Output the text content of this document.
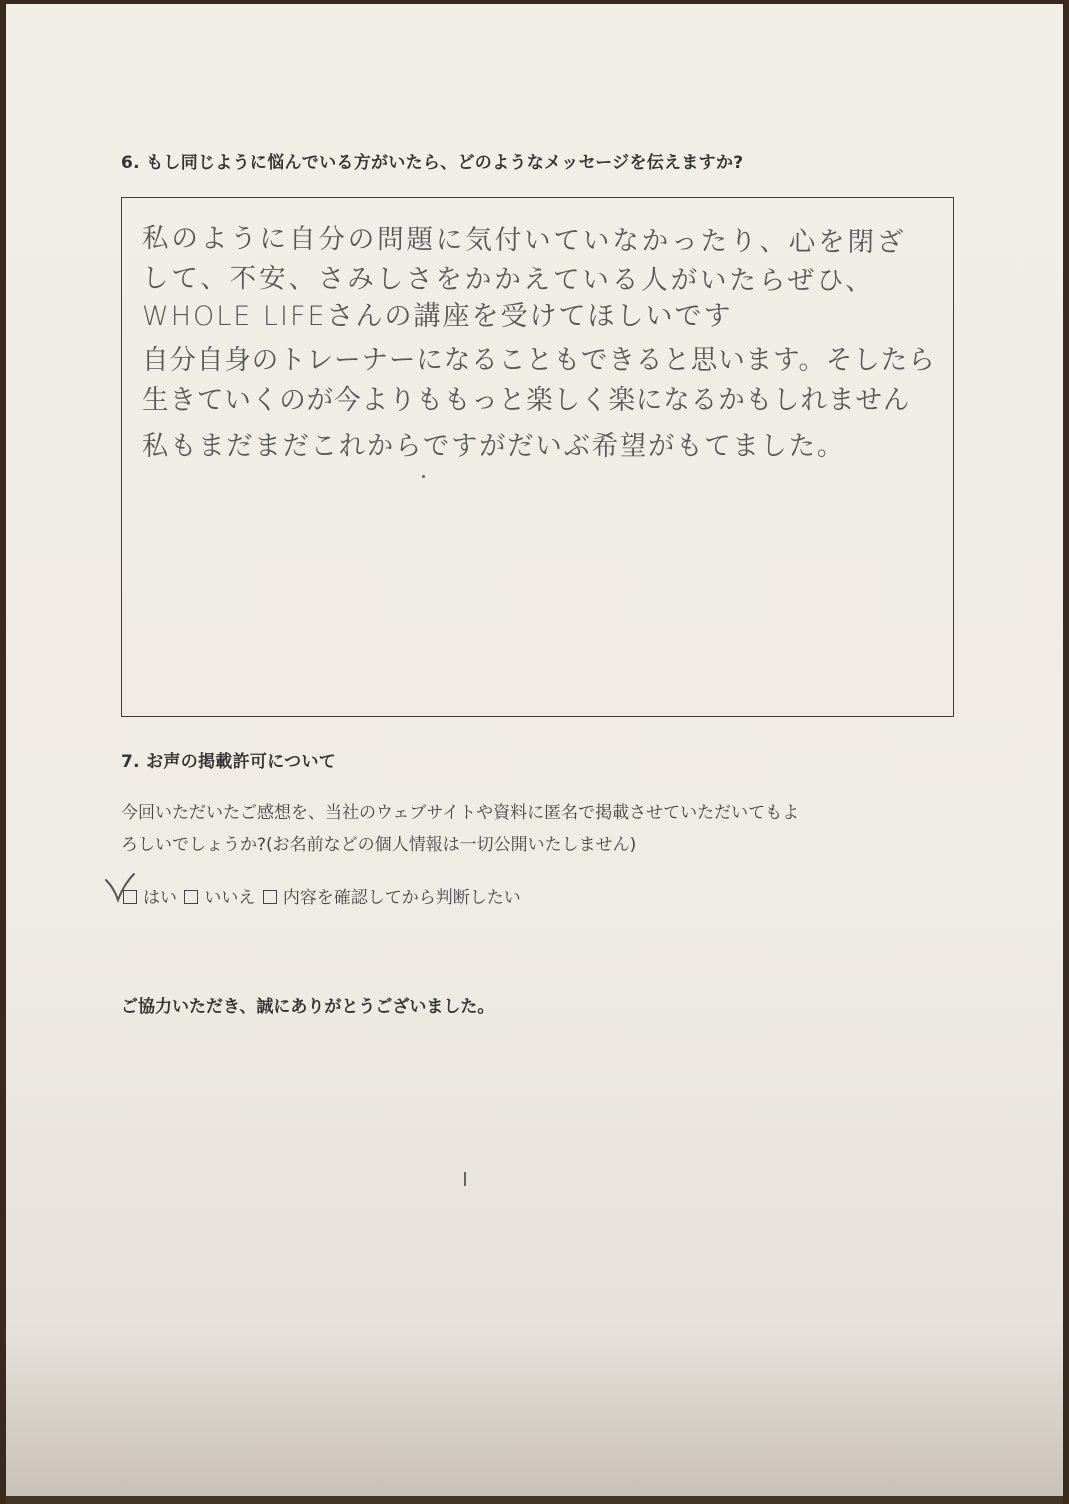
6. もし同じように悩んでいる方がいたら、どのようなメッセージを伝えますか?
私のように自分の問題に気付いていなかったり、心を閉ざ
して、不安、さみしさをかかえている人がいたらぜひ、
WHOLE LIFEさんの講座を受けてほしいです
自分自身のトレーナーになることもできると思います。そしたら
生きていくのが今よりももっと楽しく楽になるかもしれません
私もまだまだこれからですがだいぶ希望がもてました。
7. お声の掲載許可について
今回いただいたご感想を、当社のウェブサイトや資料に匿名で掲載させていただいてもよ
ろしいでしょうか?(お名前などの個人情報は一切公開いたしません)
はい いいえ 内容を確認してから判断したい
ご協力いただき、誠にありがとうございました。
